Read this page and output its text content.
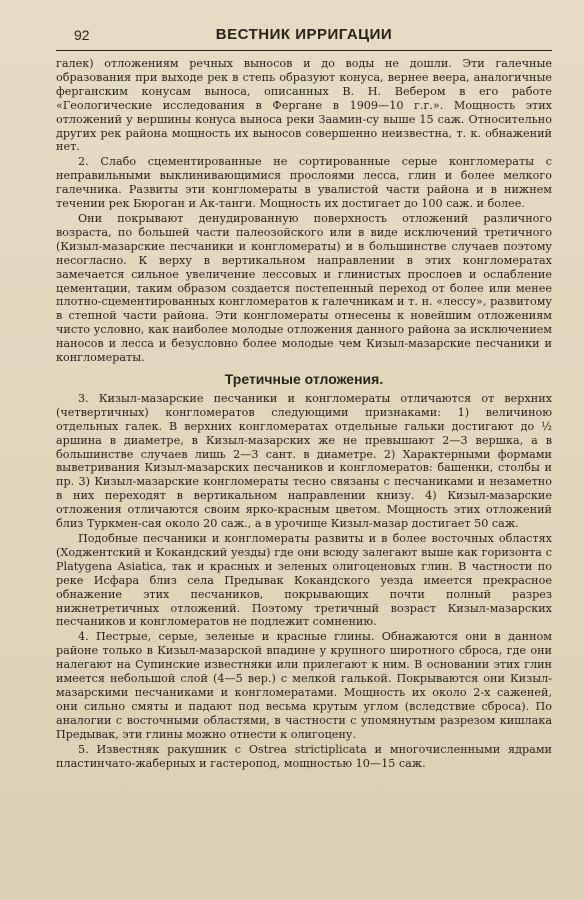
92	ВЕСТНИК ИРРИГАЦИИ

галек) отложениям речных выносов и до воды не дошли. Эти галечные образования при выходе рек в степь образуют конуса, вернее веера, аналогичные ферганским конусам выноса, описанных В. Н. Вебером в его работе «Геологические исследования в Фергане в 1909—10 г.г.». Мощность этих отложений у вершины конуса выноса реки Заамин-су выше 15 саж. Относительно других рек района мощность их выносов совершенно неизвестна, т. к. обнажений нет.

2. Слабо сцементированные не сортированные серые конгломераты с неправильными выклинивающимися прослоями лесса, глин и более мелкого галечника. Развиты эти конгломераты в увалистой части района и в нижнем течении рек Бюроган и Ак-танги. Мощность их достигает до 100 саж. и более.

Они покрывают денудированную поверхность отложений различного возраста, по большей части палеозойского или в виде исключений третичного (Кизыл-мазарские песчаники и конгломераты) и в большинстве случаев поэтому несогласно. К верху в вертикальном направлении в этих конгломератах замечается сильное увеличение лессовых и глинистых прослоев и ослабление цементации, таким образом создается постепенный переход от более или менее плотно-сцементированных конгломератов к галечникам и т. н. «лессу», развитому в степной части района. Эти конгломераты отнесены к новейшим отложениям чисто условно, как наиболее молодые отложения данного района за исключением наносов и лесса и безусловно более молодые чем Кизыл-мазарские песчаники и конгломераты.

Третичные отложения.

3. Кизыл-мазарские песчаники и конгломераты отличаются от верхних (четвертичных) конгломератов следующими признаками: 1) величиною отдельных галек. В верхних конгломератах отдельные гальки достигают до ½ аршина в диаметре, в Кизыл-мазарских же не превышают 2—3 вершка, а в большинстве случаев лишь 2—3 сант. в диаметре. 2) Характерными формами выветривания Кизыл-мазарских песчаников и конгломератов: башенки, столбы и пр. 3) Кизыл-мазарские конгломераты тесно связаны с песчаниками и незаметно в них переходят в вертикальном направлении книзу. 4) Кизыл-мазарские отложения отличаются своим ярко-красным цветом. Мощность этих отложений близ Туркмен-сая около 20 саж., а в урочище Кизыл-мазар достигает 50 саж.

Подобные песчаники и конгломераты развиты и в более восточных областях (Ходжентский и Кокандский уезды) где они всюду залегают выше как горизонта с Platygena Asiatica, так и красных и зеленых олигоценовых глин. В частности по реке Исфара близ села Предывак Кокандского уезда имеется прекрасное обнажение этих песчаников, покрывающих почти полный разрез нижнетретичных отложений. Поэтому третичный возраст Кизыл-мазарских песчаников и конгломератов не подлежит сомнению.

4. Пестрые, серые, зеленые и красные глины. Обнажаются они в данном районе только в Кизыл-мазарской впадине у крупного широтного сброса, где они налегают на Супинские известняки или прилегают к ним. В основании этих глин имеется небольшой слой (4—5 вер.) с мелкой галькой. Покрываются они Кизыл-мазарскими песчаниками и конгломератами. Мощность их около 2-х саженей, они сильно смяты и падают под весьма крутым углом (вследствие сброса). По аналогии с восточными областями, в частности с упомянутым разрезом кишлака Предывак, эти глины можно отнести к олигоцену.

5. Известняк ракушник с Ostrea strictiplicata и многочисленными ядрами пластинчато-жаберных и гастеропод, мощностью 10—15 саж.
